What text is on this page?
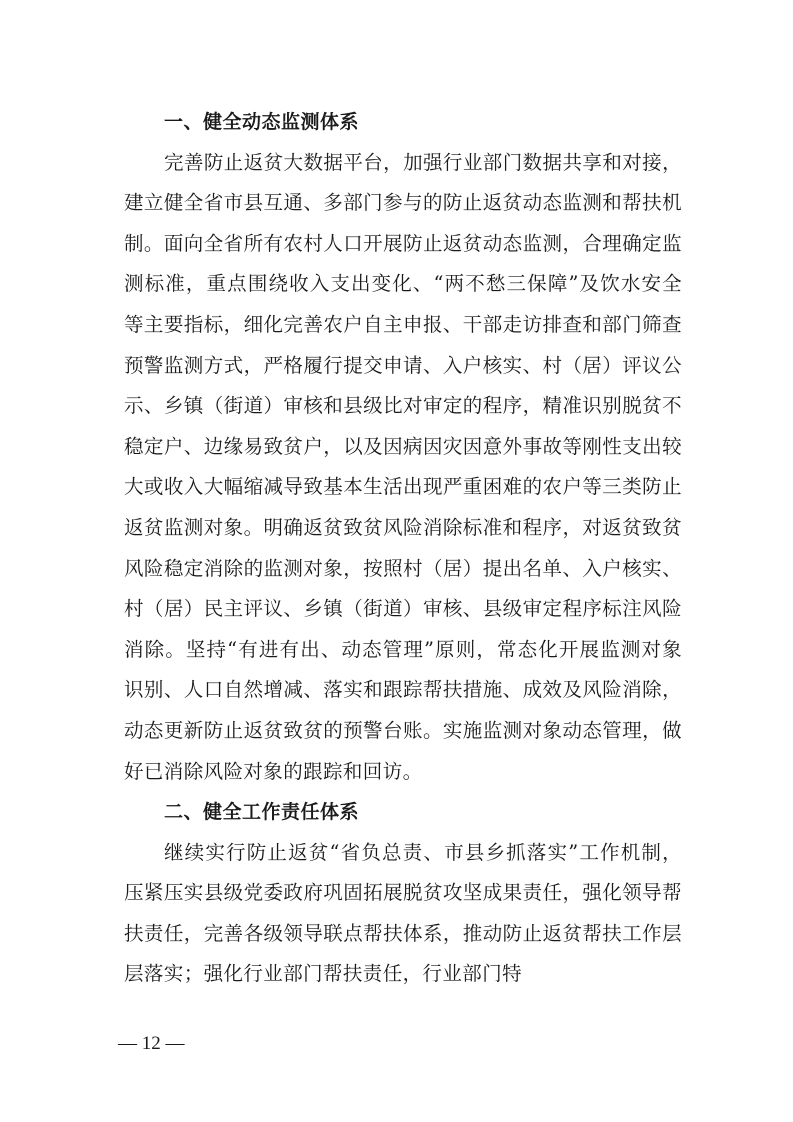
一、健全动态监测体系

完善防止返贫大数据平台，加强行业部门数据共享和对接，建立健全省市县互通、多部门参与的防止返贫动态监测和帮扶机制。面向全省所有农村人口开展防止返贫动态监测，合理确定监测标准，重点围绕收入支出变化、“两不愁三保障”及饮水安全等主要指标，细化完善农户自主申报、干部走访排查和部门筛查预警监测方式，严格履行提交申请、入户核实、村（居）评议公示、乡镇（街道）审核和县级比对审定的程序，精准识别脱贫不稳定户、边缘易致贫户，以及因病因灾因意外事故等刚性支出较大或收入大幅缩减导致基本生活出现严重困难的农户等三类防止返贫监测对象。明确返贫致贫风险消除标准和程序，对返贫致贫风险稳定消除的监测对象，按照村（居）提出名单、入户核实、村（居）民主评议、乡镇（街道）审核、县级审定程序标注风险消除。坚持“有进有出、动态管理”原则，常态化开展监测对象识别、人口自然增减、落实和跟踪帮扶措施、成效及风险消除，动态更新防止返贫致贫的预警台账。实施监测对象动态管理，做好已消除风险对象的跟踪和回访。

二、健全工作责任体系

继续实行防止返贫“省负总责、市县乡抓落实”工作机制，压紧压实县级党委政府巩固拓展脱贫攻坚成果责任，强化领导帮扶责任，完善各级领导联点帮扶体系，推动防止返贫帮扶工作层层落实；强化行业部门帮扶责任，行业部门特

— 12 —
